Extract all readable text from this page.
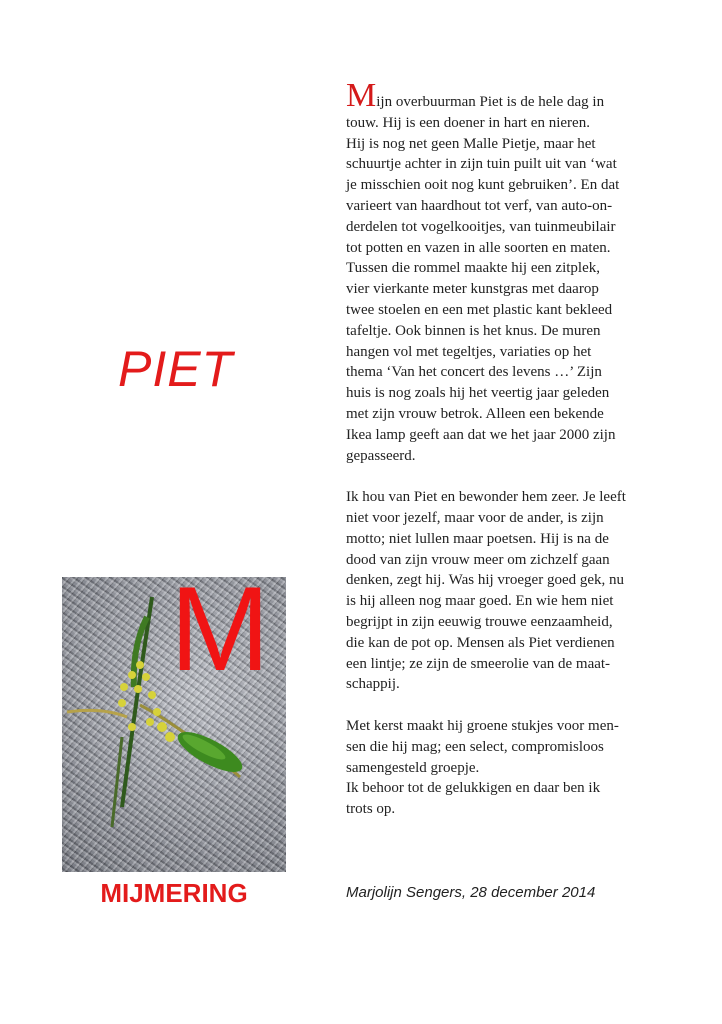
PIET
M
MIJMERING
Mijn overbuurman Piet is de hele dag in
touw. Hij is een doener in hart en nieren.
Hij is nog net geen Malle Pietje, maar het
schuurtje achter in zijn tuin puilt uit van ‘wat
je misschien ooit nog kunt gebruiken’. En dat
varieert van haardhout tot verf, van auto-on-
derdelen tot vogelkooitjes, van tuinmeubilair
tot potten en vazen in alle soorten en maten.
Tussen die rommel maakte hij een zitplek,
vier vierkante meter kunstgras met daarop
twee stoelen en een met plastic kant bekleed
tafeltje. Ook binnen is het knus. De muren
hangen vol met tegeltjes, variaties op het
thema ‘Van het concert des levens …’ Zijn
huis is nog zoals hij het veertig jaar geleden
met zijn vrouw betrok. Alleen een bekende
Ikea lamp geeft aan dat we het jaar 2000 zijn
gepasseerd.
Ik hou van Piet en bewonder hem zeer. Je leeft
niet voor jezelf, maar voor de ander, is zijn
motto; niet lullen maar poetsen. Hij is na de
dood van zijn vrouw meer om zichzelf gaan
denken, zegt hij. Was hij vroeger goed gek, nu
is hij alleen nog maar goed. En wie hem niet
begrijpt in zijn eeuwig trouwe eenzaamheid,
die kan de pot op. Mensen als Piet verdienen
een lintje; ze zijn de smeerolie van de maat-
schappij.
Met kerst maakt hij groene stukjes voor men-
sen die hij mag; een select, compromisloos
samengesteld groepje.
Ik behoor tot de gelukkigen en daar ben ik
trots op.
Marjolijn Sengers, 28 december 2014
